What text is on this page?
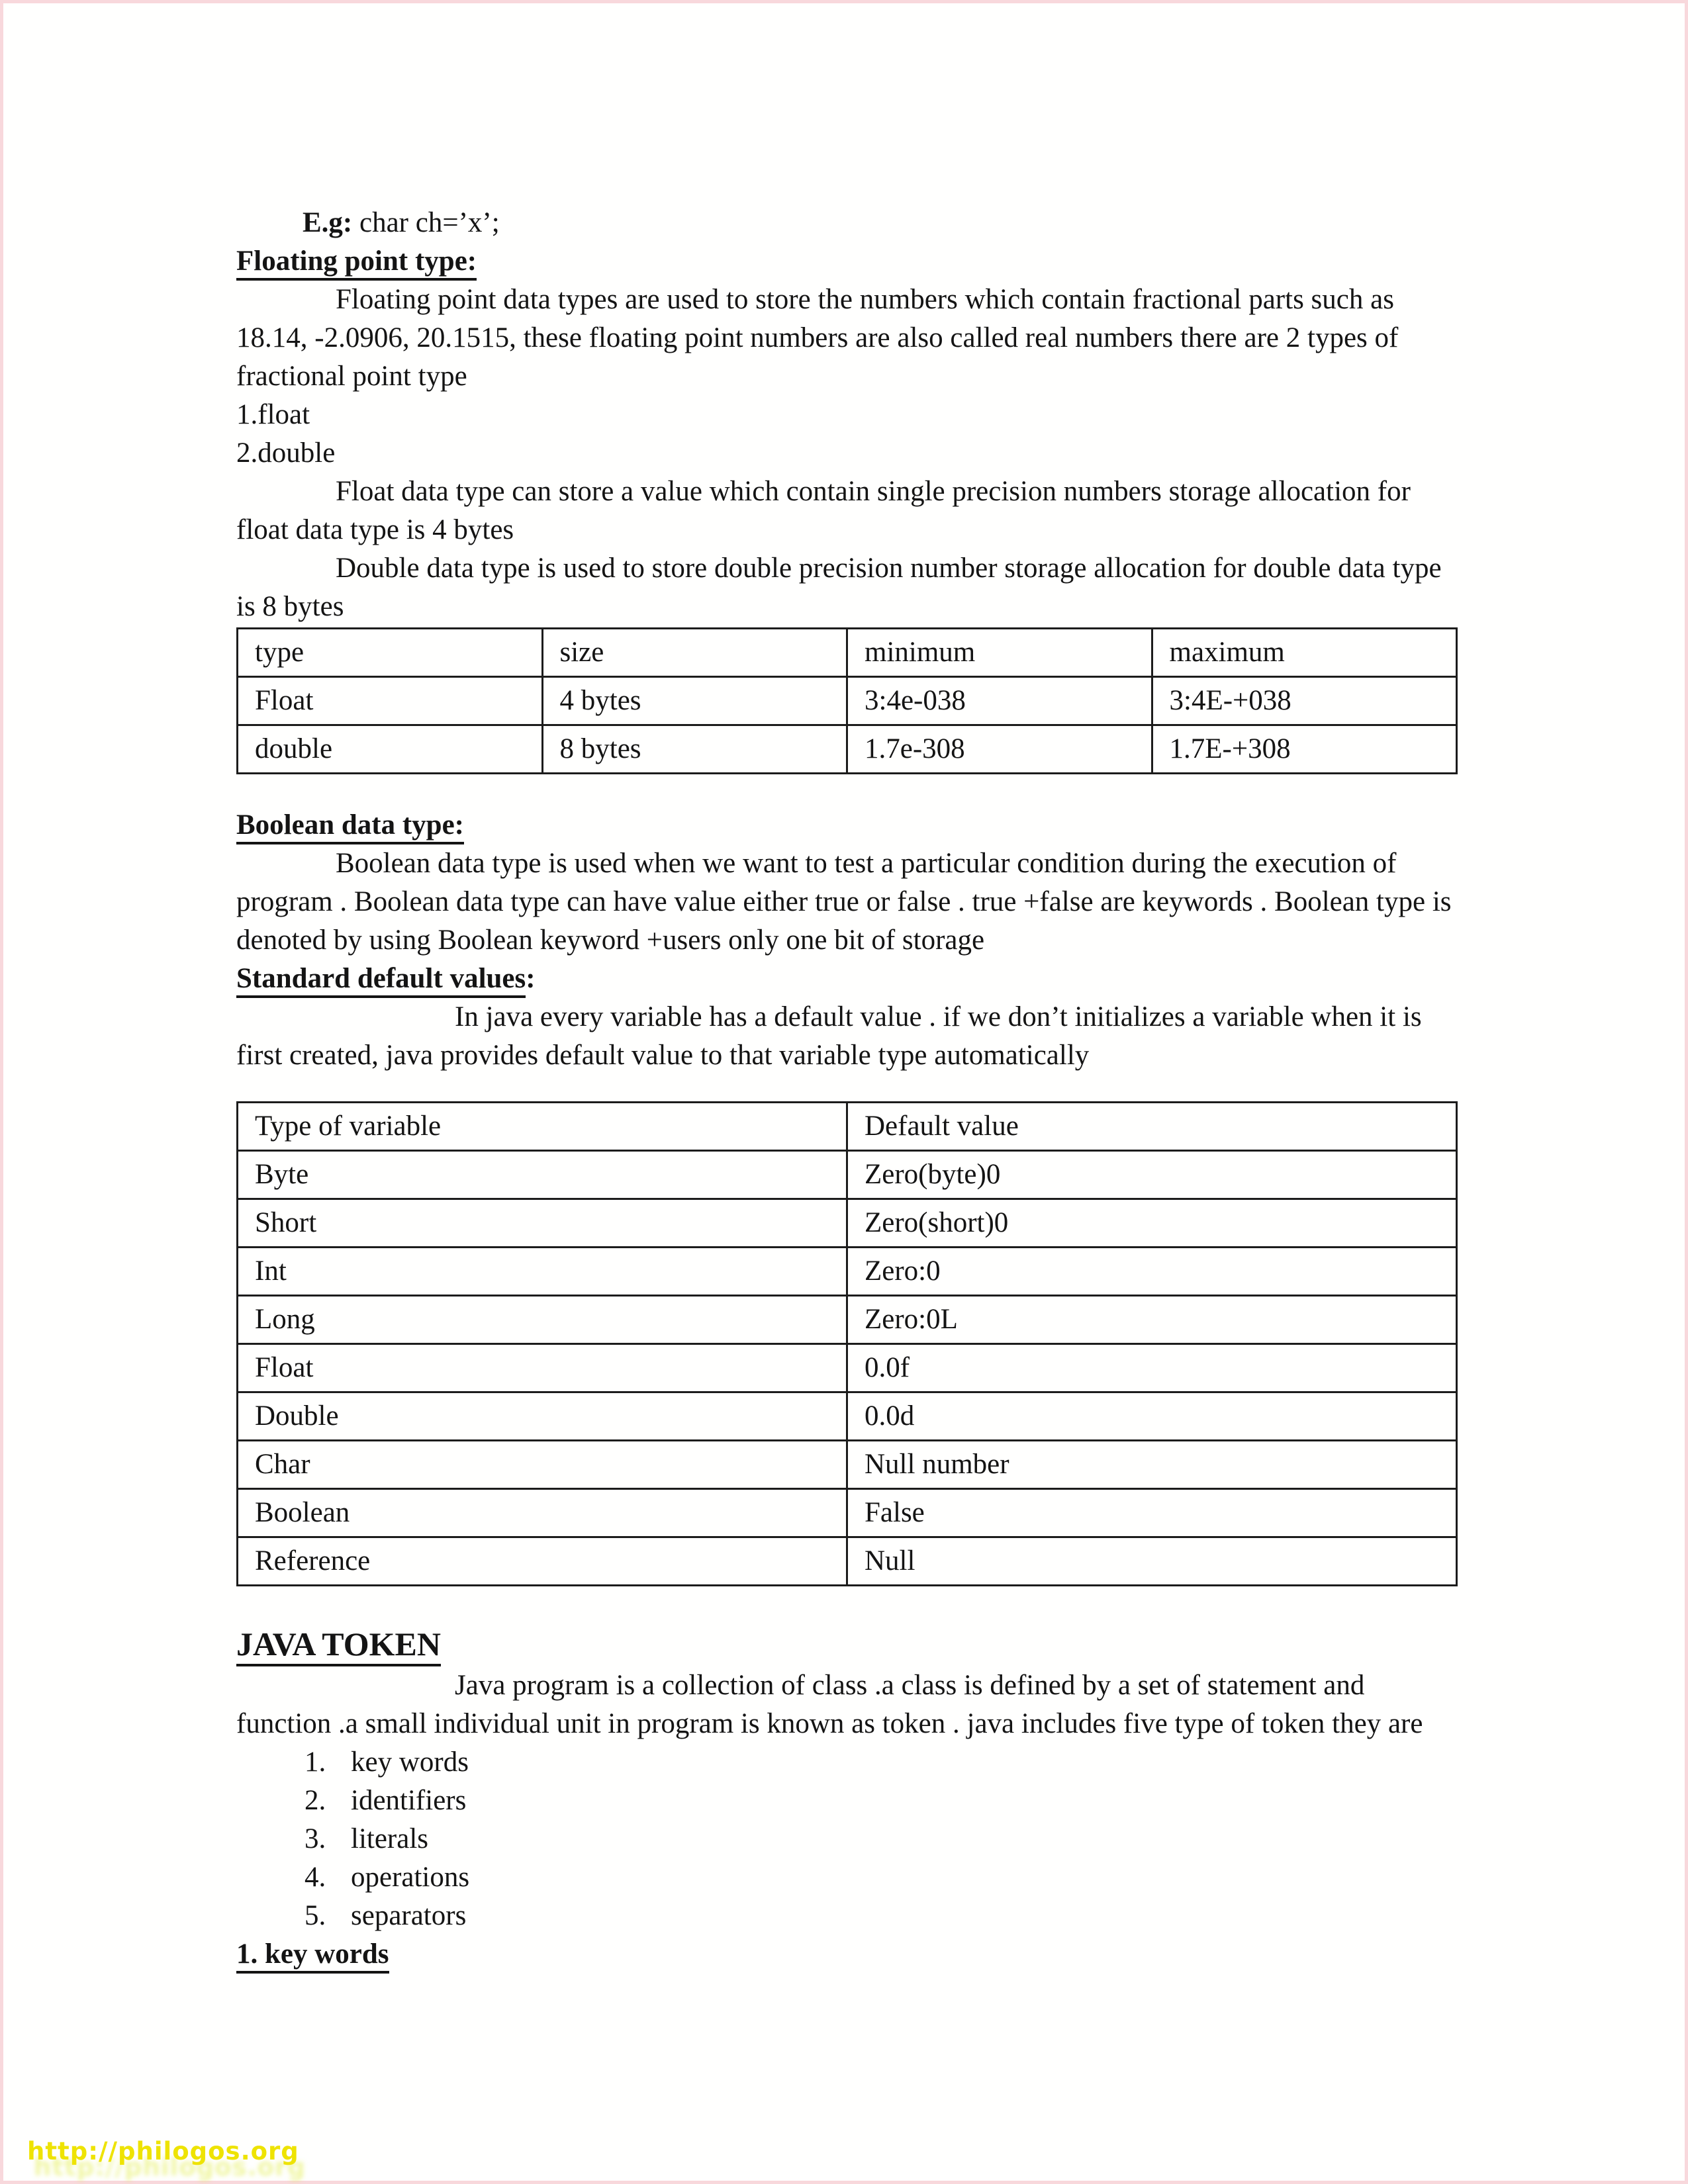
E.g: char ch=’x’;
Floating point type:
Floating point data types are used to store the numbers which contain fractional parts such as 18.14, -2.0906, 20.1515, these floating point numbers are also called real numbers there are 2 types of fractional point type
1.float
2.double
Float data type can store a value which contain single precision numbers storage allocation for float data type is 4 bytes
Double data type is used to store double precision number storage allocation for double data type is 8 bytes
type	size	minimum	maximum
Float	4 bytes	3:4e-038	3:4E-+038
double	8 bytes	1.7e-308	1.7E-+308
Boolean data type:
Boolean data type is used when we want to test a particular condition during the execution of program . Boolean data type can have value either true or false . true +false are keywords . Boolean type is denoted by using Boolean keyword +users only one bit of storage
Standard default values:
In java every variable has a default value . if we don’t initializes a variable when it is first created, java provides default value to that variable type automatically
Type of variable	Default value
Byte	Zero(byte)0
Short	Zero(short)0
Int	Zero:0
Long	Zero:0L
Float	0.0f
Double	0.0d
Char	Null number
Boolean	False
Reference	Null
JAVA TOKEN
Java program is a collection of class .a class is defined by a set of statement and function .a small individual unit in program is known as token . java includes five type of token they are
1. key words
2. identifiers
3. literals
4. operations
5. separators
1. key words
http://philogos.org
